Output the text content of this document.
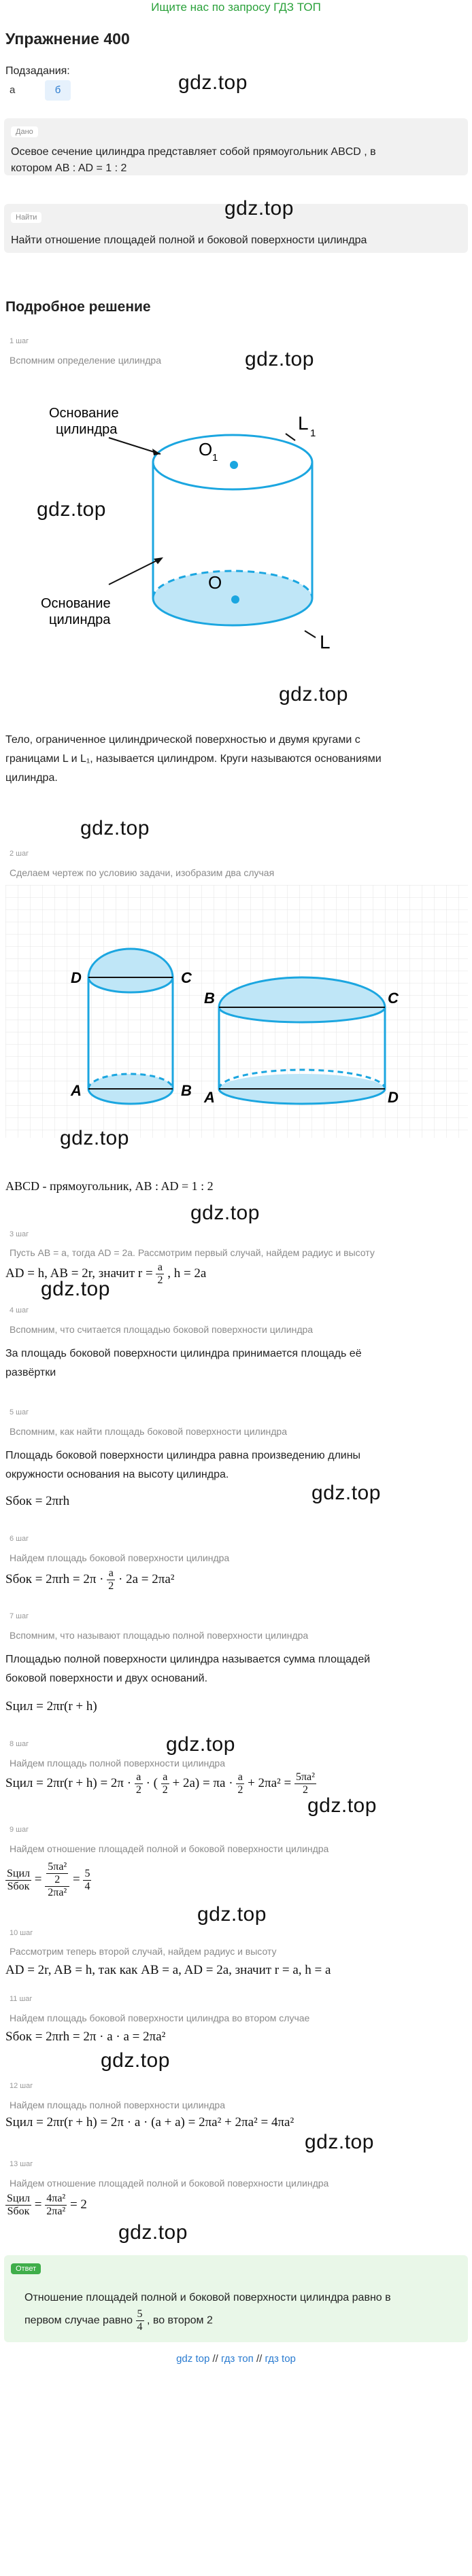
Ищите нас по запросу ГДЗ ТОП
Упражнение 400
Подзадания:
а	б
Дано
Осевое сечение цилиндра представляет собой прямоугольник ABCD , в
котором AB : AD = 1 : 2
gdz.top
Найти
Найти отношение площадей полной и боковой поверхности цилиндра
gdz.top
Подробное решение
1 шаг
Вспомним определение цилиндра	gdz.top
Основание
цилиндра
Основание
цилиндра
O 1
O
L 1
L
gdz.top
gdz.top
Тело, ограниченное цилиндрической поверхностью и двумя кругами с
границами L и L₁, называется цилиндром. Круги называются основаниями
цилиндра.
gdz.top
2 шаг
Сделаем чертеж по условию задачи, изобразим два случая
D	C
A	B
B	C
A	D
gdz.top
ABCD - прямоугольник, AB : AD = 1 : 2
gdz.top
3 шаг
Пусть AB = a, тогда AD = 2a. Рассмотрим первый случай, найдем радиус и высоту
AD = h, AB = 2r, значит $r = \frac{a}{2}$ , h = 2a
gdz.top
4 шаг
Вспомним, что считается площадью боковой поверхности цилиндра
За площадь боковой поверхности цилиндра принимается площадь её
развёртки
5 шаг
Вспомним, как найти площадь боковой поверхности цилиндра
Площадь боковой поверхности цилиндра равна произведению длины
окружности основания на высоту цилиндра.
Sбок = 2πrh	gdz.top
6 шаг
Найдем площадь боковой поверхности цилиндра
Sбок = $2\pi rh = 2\pi \cdot \frac{a}{2} \cdot 2a = 2\pi a^2$
7 шаг
Вспомним, что называют площадью полной поверхности цилиндра
Площадью полной поверхности цилиндра называется сумма площадей
боковой поверхности и двух оснований.
Sцил = 2πr(r + h)
8 шаг	gdz.top
Найдем площадь полной поверхности цилиндра
Sцил = $2\pi r(r + h) = 2\pi \cdot \frac{a}{2}$ · ( $\frac{a}{2} + 2a) = \pi a \cdot \frac{a}{2} + 2\pi a^2 = \frac{\text{5πa²}}{2}$
gdz.top
9 шаг
Найдем отношение площадей полной и боковой поверхности цилиндра
$\frac{\text{Sцил}}{\text{Sбок}} = \frac{\frac{\text{5πa²}}{2}}{\text{2πa²}} = \frac{5}{4}$
gdz.top
10 шаг
Рассмотрим теперь второй случай, найдем радиус и высоту
AD = 2r, AB = h, так как AB = a, AD = 2a, значит r = a, h = a
11 шаг
Найдем площадь боковой поверхности цилиндра во втором случае
Sбок = 2πrh = 2π · a · a = 2πa²
gdz.top
12 шаг
Найдем площадь полной поверхности цилиндра
Sцил = 2πr(r + h) = 2π · a · (a + a) = 2πa² + 2πa² = 4πa²
gdz.top
13 шаг
Найдем отношение площадей полной и боковой поверхности цилиндра
$\frac{\text{Sцил}}{\text{Sбок}} = \frac{\text{4πa²}}{\text{2πa²}} = 2$
gdz.top
Ответ
Отношение площадей полной и боковой поверхности цилиндра равно в
первом случае равно $\frac{5}{4}$ , во втором 2
gdz top // гдз топ // гдз top
